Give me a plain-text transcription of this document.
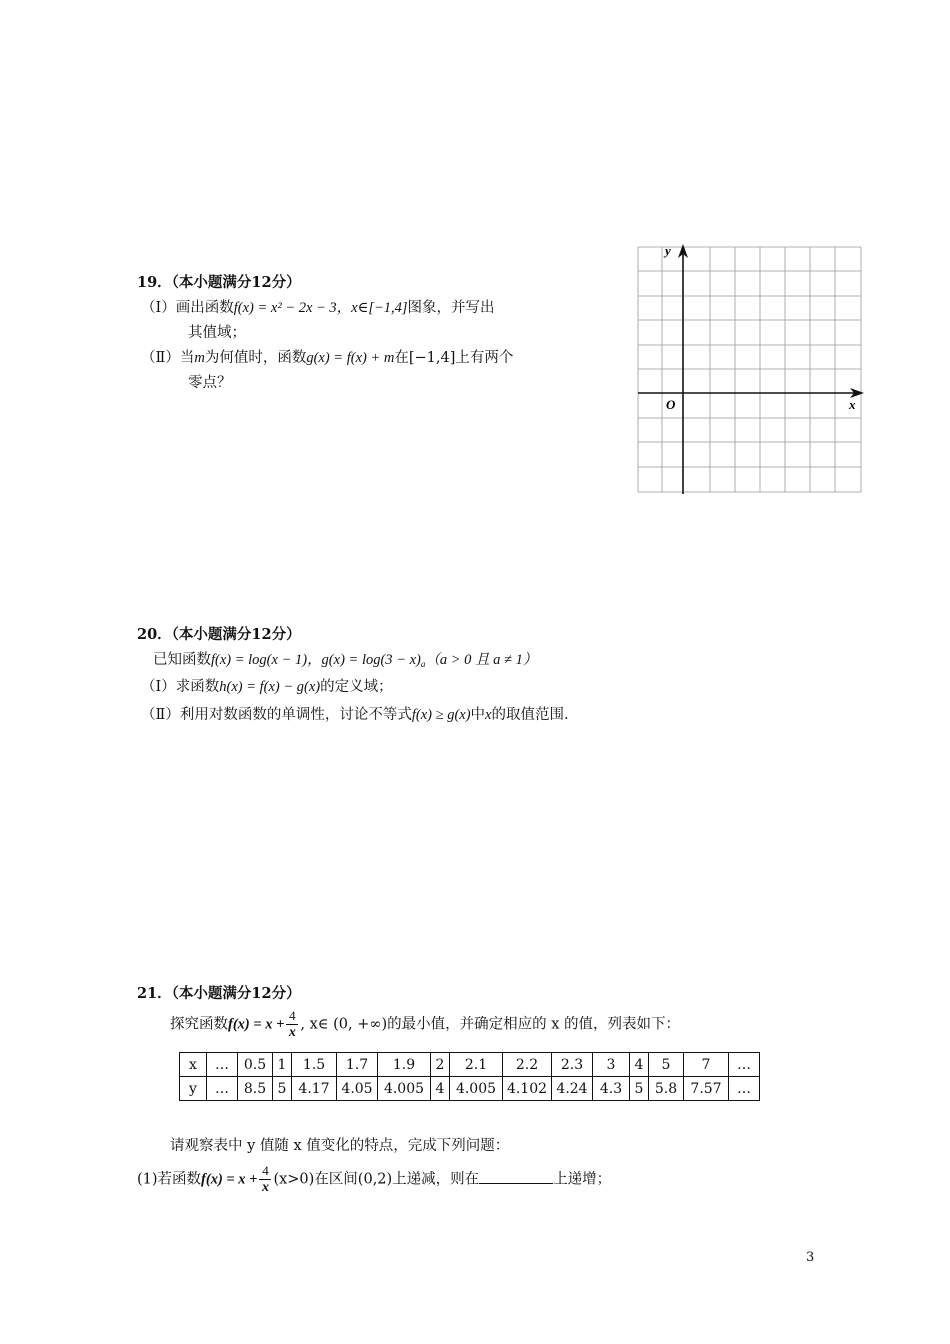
19．（本小题满分12分）
（Ⅰ）画出函数f(x) = x² − 2x − 3，x∈[−1,4]图象，并写出
其值域；
（Ⅱ）当m为何值时，函数g(x) = f(x) + m在[−1,4]上有两个
零点？
y
x
O
20．（本小题满分12分）
已知函数f(x) = log(x − 1)，$g(x) = \log(3 - x)_a(a > 0$ 且 a ≠ 1）
（Ⅰ）求函数h(x) = f(x) − g(x)的定义域；
（Ⅱ）利用对数函数的单调性，讨论不等式f(x) ≥ g(x)中x的取值范围.
21．（本小题满分12分）
探究函数$f(x) = x + \frac{4}{x}$ , x∈ (0, +∞)的最小值，并确定相应的 x 的值，列表如下：
x	…	0.5	1	1.5	1.7	1.9	2	2.1	2.2	2.3	3	4	5	7	…
y	…	8.5	5	4.17	4.05	4.005	4	4.005	4.102	4.24	4.3	5	5.8	7.57	…
请观察表中 y 值随 x 值变化的特点，完成下列问题：
(1)若函数$f(x) = x + \frac{4}{x} (x>0)$在区间(0,2)上递减，则在	上递增；
3
